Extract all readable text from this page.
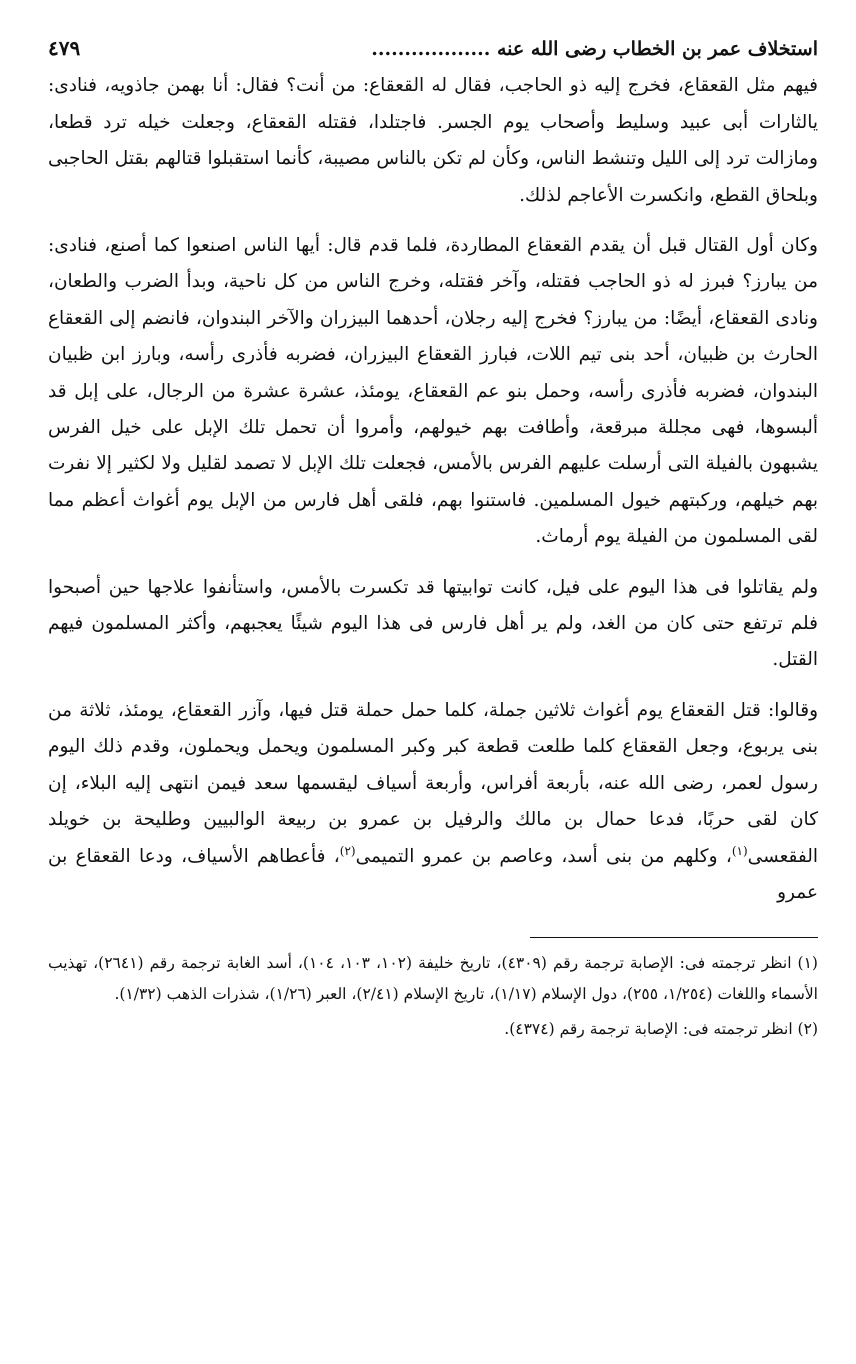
استخلاف عمر بن الخطاب رضى الله عنه ..................
٤٧٩

فيهم مثل القعقاع، فخرج إليه ذو الحاجب، فقال له القعقاع: من أنت؟ فقال: أنا بهمن جاذويه، فنادى: يالثارات أبى عبيد وسليط وأصحاب يوم الجسر. فاجتلدا، فقتله القعقاع، وجعلت خيله ترد قطعا، ومازالت ترد إلى الليل وتنشط الناس، وكأن لم تكن بالناس مصيبة، كأنما استقبلوا قتالهم بقتل الحاجبى وبلحاق القطع، وانكسرت الأعاجم لذلك.

وكان أول القتال قبل أن يقدم القعقاع المطاردة، فلما قدم قال: أيها الناس اصنعوا كما أصنع، فنادى: من يبارز؟ فبرز له ذو الحاجب فقتله، وآخر فقتله، وخرج الناس من كل ناحية، وبدأ الضرب والطعان، ونادى القعقاع، أيضًا: من يبارز؟ فخرج إليه رجلان، أحدهما البيزران والآخر البندوان، فانضم إلى القعقاع الحارث بن ظبيان، أحد بنى تيم اللات، فبارز القعقاع البيزران، فضربه فأذرى رأسه، وبارز ابن ظبيان البندوان، فضربه فأذرى رأسه، وحمل بنو عم القعقاع، يومئذ، عشرة عشرة من الرجال، على إبل قد ألبسوها، فهى مجللة مبرقعة، وأطافت بهم خيولهم، وأمروا أن تحمل تلك الإبل على خيل الفرس يشبهون بالفيلة التى أرسلت عليهم الفرس بالأمس، فجعلت تلك الإبل لا تصمد لقليل ولا لكثير إلا نفرت بهم خيلهم، وركبتهم خيول المسلمين. فاستنوا بهم، فلقى أهل فارس من الإبل يوم أغواث أعظم مما لقى المسلمون من الفيلة يوم أرماث.

ولم يقاتلوا فى هذا اليوم على فيل، كانت توابيتها قد تكسرت بالأمس، واستأنفوا علاجها حين أصبحوا فلم ترتفع حتى كان من الغد، ولم ير أهل فارس فى هذا اليوم شيئًا يعجبهم، وأكثر المسلمون فيهم القتل.

وقالوا: قتل القعقاع يوم أغواث ثلاثين جملة، كلما حمل حملة قتل فيها، وآزر القعقاع، يومئذ، ثلاثة من بنى يربوع، وجعل القعقاع كلما طلعت قطعة كبر وكبر المسلمون ويحمل ويحملون، وقدم ذلك اليوم رسول لعمر، رضى الله عنه، بأربعة أفراس، وأربعة أسياف ليقسمها سعد فيمن انتهى إليه البلاء، إن كان لقى حربًا، فدعا حمال بن مالك والرفيل بن عمرو بن ربيعة الوالبيين وطليحة بن خويلد الفقعسى$^{(١)}$، وكلهم من بنى أسد، وعاصم بن عمرو التميمى$^{(٢)}$، فأعطاهم الأسياف، ودعا القعقاع بن عمرو

(١) انظر ترجمته فى: الإصابة ترجمة رقم (٤٣٠٩)، تاريخ خليفة (١٠٢، ١٠٣، ١٠٤)، أسد الغابة ترجمة رقم (٢٦٤١)، تهذيب الأسماء واللغات (١/٢٥٤، ٢٥٥)، دول الإسلام (١/١٧)، تاريخ الإسلام (٢/٤١)، العبر (١/٢٦)، شذرات الذهب (١/٣٢).

(٢) انظر ترجمته فى: الإصابة ترجمة رقم (٤٣٧٤).
